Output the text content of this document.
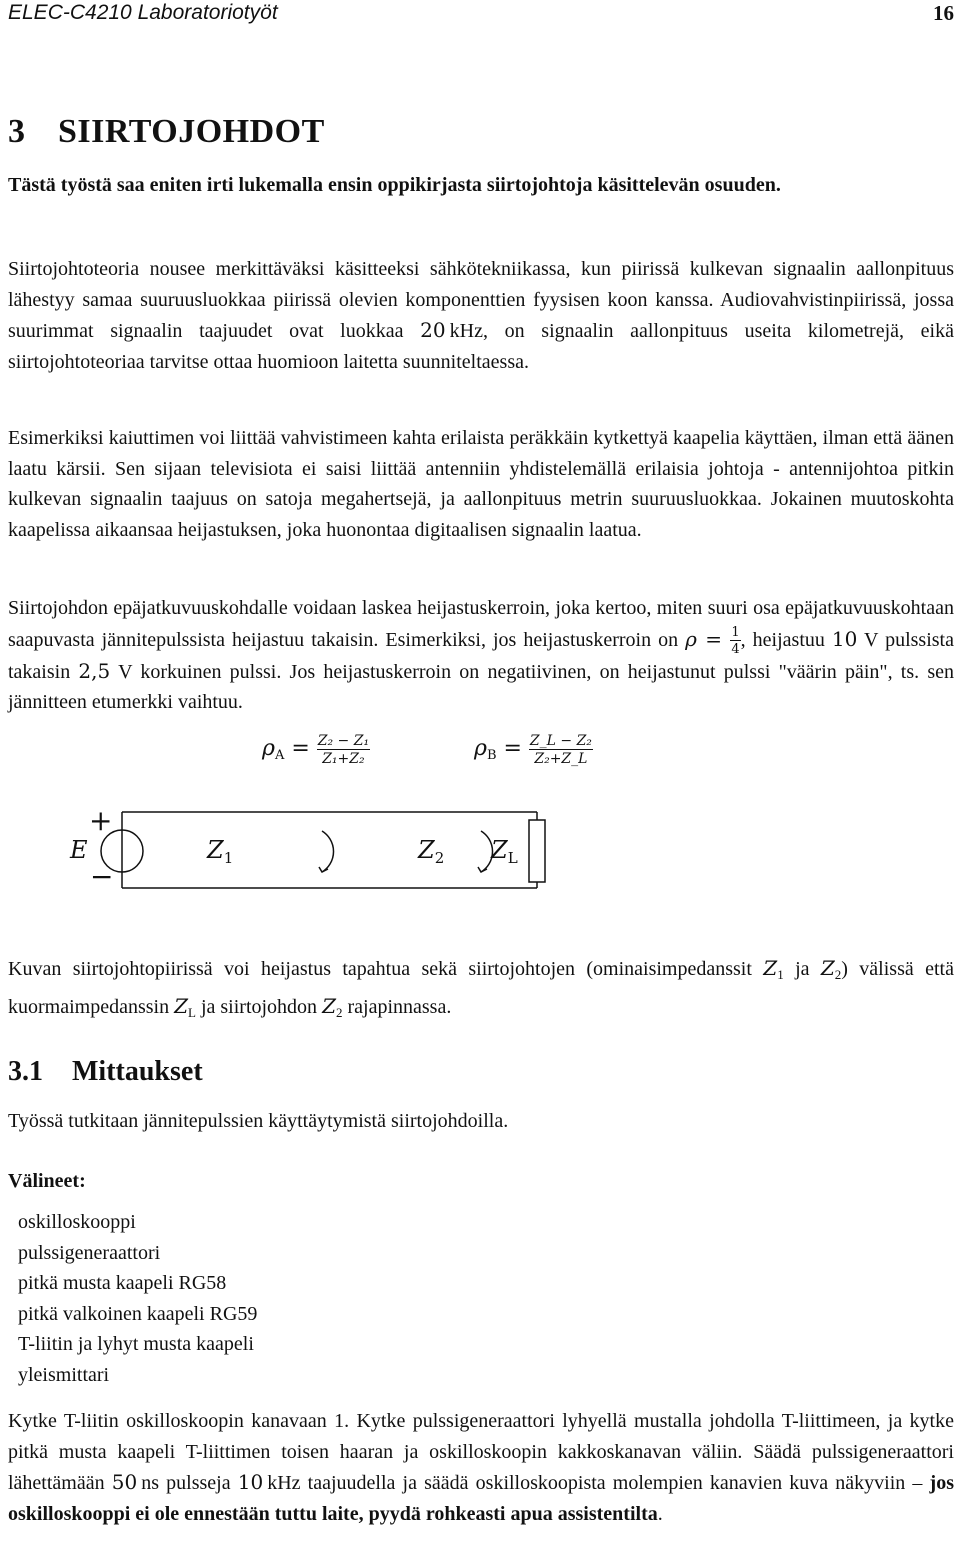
ELEC-C4210 Laboratoriotyöt	16
3 SIIRTOJOHDOT
Tästä työstä saa eniten irti lukemalla ensin oppikirjasta siirtojohtoja käsittelevän osuuden.
Siirtojohtoteoria nousee merkittäväksi käsitteeksi sähkötekniikassa, kun piirissä kulkevan signaalin aallonpituus lähestyy samaa suuruusluokkaa piirissä olevien komponenttien fyysisen koon kanssa. Audiovahvistinpiirissä, jossa suurimmat signaalin taajuudet ovat luokkaa 20  kHz, on signaalin aallonpituus useita kilometrejä, eikä siirtojohtoteoriaa tarvitse ottaa huomioon laitetta suunniteltaessa.
Esimerkiksi kaiuttimen voi liittää vahvistimeen kahta erilaista peräkkäin kytkettyä kaapelia käyttäen, ilman että äänen laatu kärsii. Sen sijaan televisiota ei saisi liittää antenniin yhdistelemällä erilaisia johtoja - antennijohtoa pitkin kulkevan signaalin taajuus on satoja megahertsejä, ja aallonpituus metrin suuruusluokkaa. Jokainen muutoskohta kaapelissa aikaansaa heijastuksen, joka huonontaa digitaalisen signaalin laatua.
Siirtojohdon epäjatkuvuuskohdalle voidaan laskea heijastuskerroin, joka kertoo, miten suuri osa epäjatkuvuuskohtaan saapuvasta jännitepulssista heijastuu takaisin. Esimerkiksi, jos heijastuskerroin on $\rho = \frac{1}{4}$ , heijastuu 10 V pulssista takaisin 2,5 V korkuinen pulssi. Jos heijastuskerroin on negatiivinen, on heijastunut pulssi "väärin päin", ts. sen jännitteen etumerkki vaihtuu.
$\rho_A = \frac{\text{Z₂ − Z₁}}{\text{Z₁+Z₂}}$	$\rho_B = \frac{\text{Z\_L − Z₂}}{\text{Z₂+Z\_L}}$
E
+
−
$Z_1$	$Z_2$ $Z_L$
Kuvan siirtojohtopiirissä voi heijastus tapahtua sekä siirtojohtojen (ominaisimpedanssit $Z_1$ ja $Z_2$) välissä että kuormaimpedanssin $Z_L$ ja siirtojohdon $Z_2$ rajapinnassa.
3.1 Mittaukset
Työssä tutkitaan jännitepulssien käyttäytymistä siirtojohdoilla.
Välineet:
oskilloskooppi
pulssigeneraattori
pitkä musta kaapeli RG58
pitkä valkoinen kaapeli RG59
T-liitin ja lyhyt musta kaapeli
yleismittari
Kytke T-liitin oskilloskoopin kanavaan 1. Kytke pulssigeneraattori lyhyellä mustalla johdolla T-liittimeen, ja kytke pitkä musta kaapeli T-liittimen toisen haaran ja oskilloskoopin kakkoskanavan väliin. Säädä pulssigeneraattori lähettämään 50  ns pulsseja 10  kHz taajuudella ja säädä oskilloskoopista molempien kanavien kuva näkyviin – jos oskilloskooppi ei ole ennestään tuttu laite, pyydä rohkeasti apua assistentilta.
